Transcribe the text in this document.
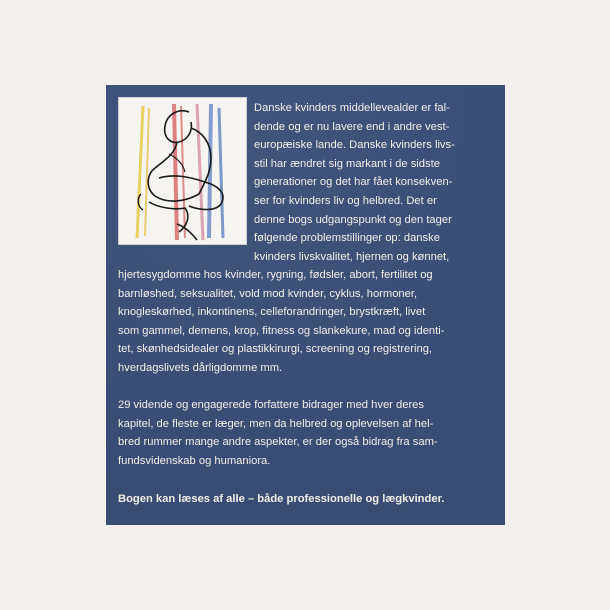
Danske kvinders middellevealder er fal-
dende og er nu lavere end i andre vest-
europæiske lande. Danske kvinders livs-
stil har ændret sig markant i de sidste
generationer og det har fået konsekven-
ser for kvinders liv og helbred. Det er
denne bogs udgangspunkt og den tager
følgende problemstillinger op: danske
kvinders livskvalitet, hjernen og kønnet,
hjertesygdomme hos kvinder, rygning, fødsler, abort, fertilitet og
barnløshed, seksualitet, vold mod kvinder, cyklus, hormoner,
knogleskørhed, inkontinens, celleforandringer, brystkræft, livet
som gammel, demens, krop, fitness og slankekure, mad og identi-
tet, skønhedsidealer og plastikkirurgi, screening og registrering,
hverdagslivets dårligdomme mm.
29 vidende og engagerede forfattere bidrager med hver deres
kapitel, de fleste er læger, men da helbred og oplevelsen af hel-
bred rummer mange andre aspekter, er der også bidrag fra sam-
fundsvidenskab og humaniora.
Bogen kan læses af alle – både professionelle og lægkvinder.
